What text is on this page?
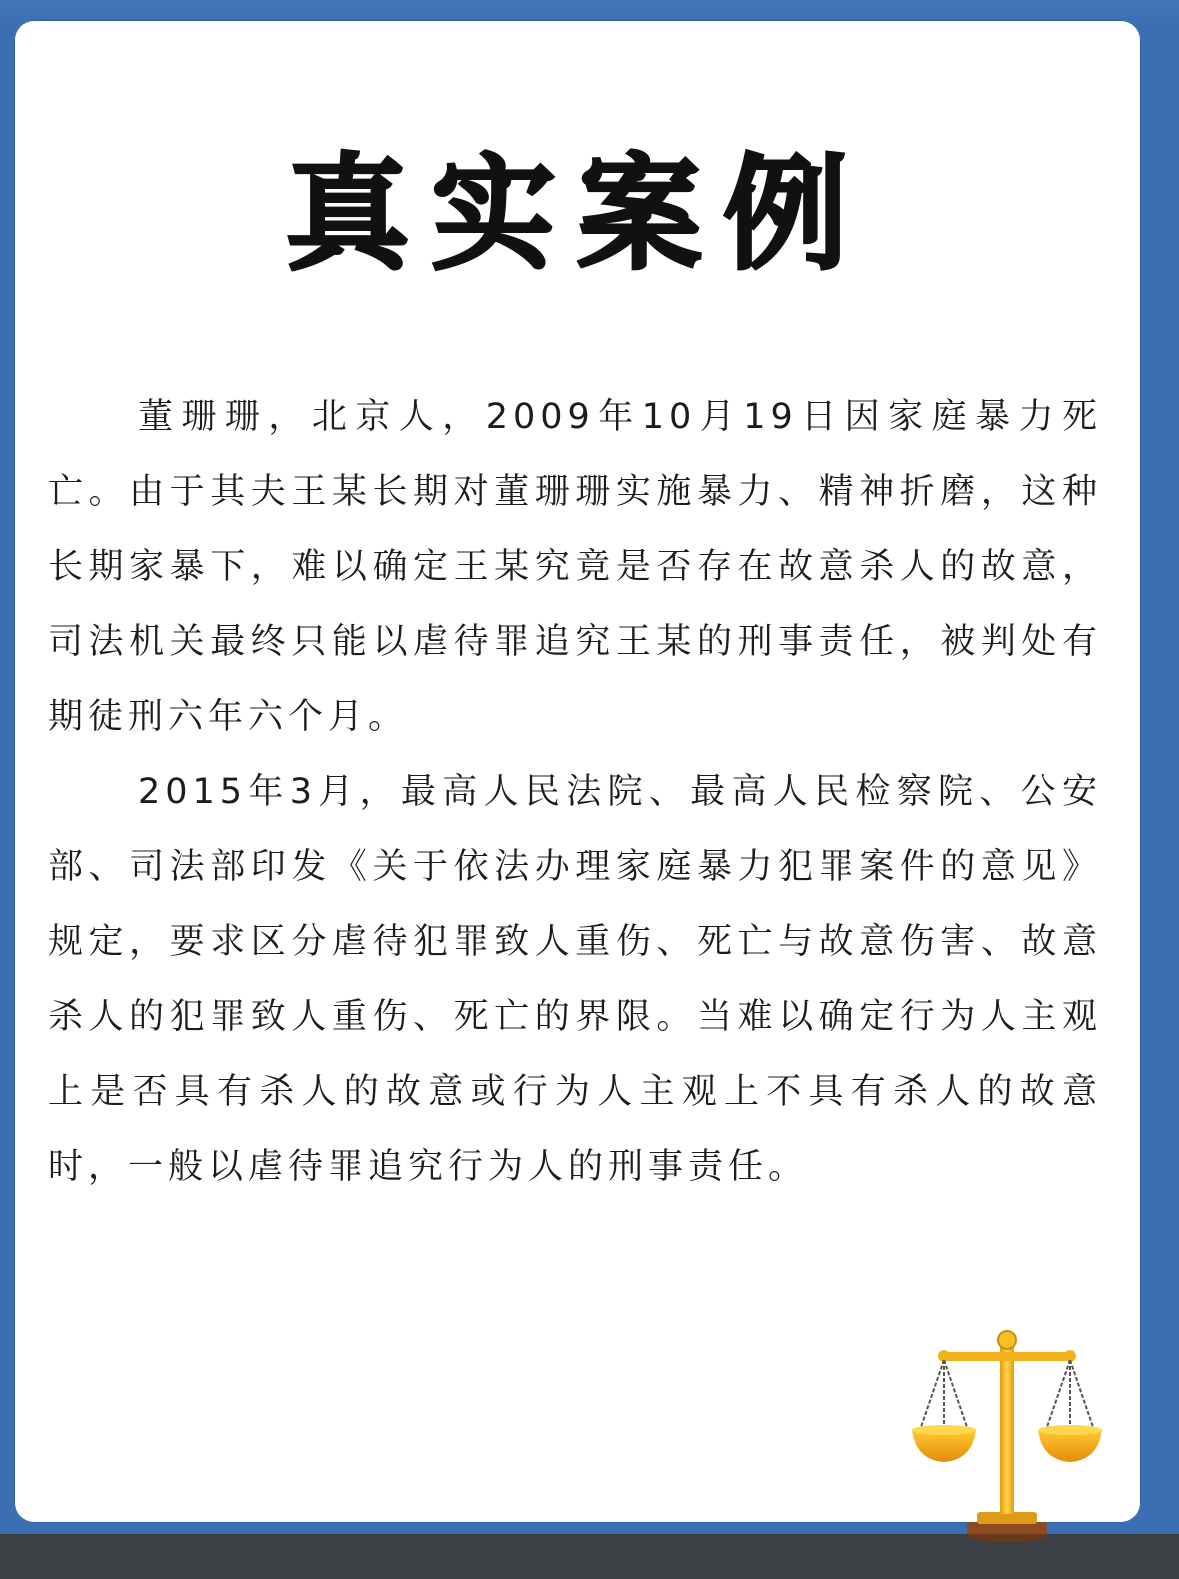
真实案例

董珊珊，北京人，2009年10月19日因家庭暴力死亡。由于其夫王某长期对董珊珊实施暴力、精神折磨，这种长期家暴下，难以确定王某究竟是否存在故意杀人的故意，司法机关最终只能以虐待罪追究王某的刑事责任，被判处有期徒刑六年六个月。

2015年3月，最高人民法院、最高人民检察院、公安部、司法部印发《关于依法办理家庭暴力犯罪案件的意见》规定，要求区分虐待犯罪致人重伤、死亡与故意伤害、故意杀人的犯罪致人重伤、死亡的界限。当难以确定行为人主观上是否具有杀人的故意或行为人主观上不具有杀人的故意时，一般以虐待罪追究行为人的刑事责任。
